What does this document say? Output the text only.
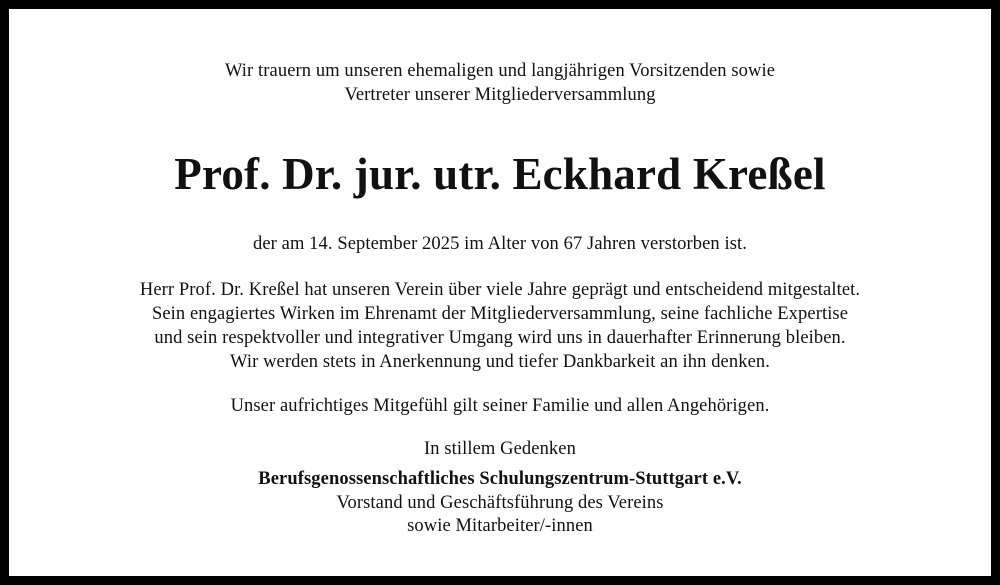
Wir trauern um unseren ehemaligen und langjährigen Vorsitzenden sowie
Vertreter unserer Mitgliederversammlung
Prof. Dr. jur. utr. Eckhard Kreßel
der am 14. September 2025 im Alter von 67 Jahren verstorben ist.
Herr Prof. Dr. Kreßel hat unseren Verein über viele Jahre geprägt und entscheidend mitgestaltet.
Sein engagiertes Wirken im Ehrenamt der Mitgliederversammlung, seine fachliche Expertise
und sein respektvoller und integrativer Umgang wird uns in dauerhafter Erinnerung bleiben.
Wir werden stets in Anerkennung und tiefer Dankbarkeit an ihn denken.
Unser aufrichtiges Mitgefühl gilt seiner Familie und allen Angehörigen.
In stillem Gedenken
Berufsgenossenschaftliches Schulungszentrum-Stuttgart e.V.
Vorstand und Geschäftsführung des Vereins
sowie Mitarbeiter/-innen
